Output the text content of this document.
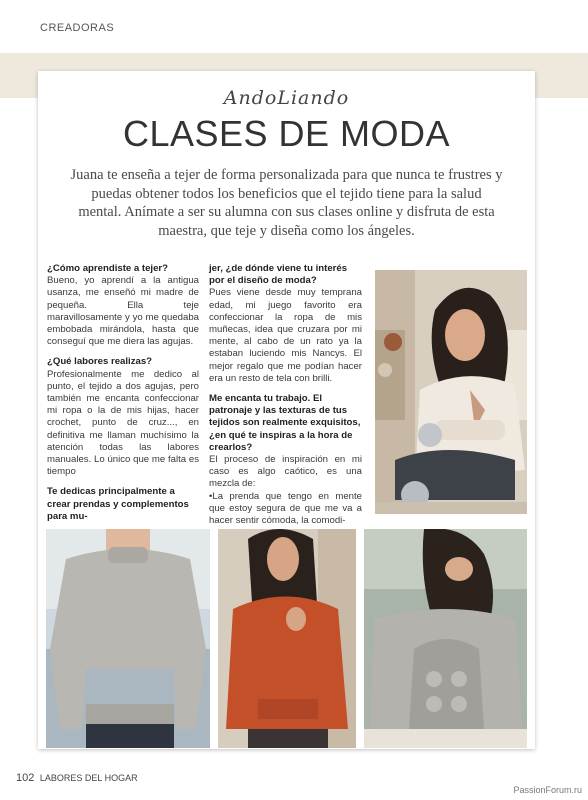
CREADORAS
AndoLiando
CLASES DE MODA
Juana te enseña a tejer de forma personalizada para que nunca te frustres y puedas obtener todos los beneficios que el tejido tiene para la salud mental. Anímate a ser su alumna con sus clases online y disfruta de esta maestra, que teje y diseña como los ángeles.

¿Cómo aprendiste a tejer?

Bueno, yo aprendí a la antigua usanza, me enseñó mi madre de pequeña. Ella teje maravillosamente y yo me quedaba embobada mirándola, hasta que conseguí que me diera las agujas.

¿Qué labores realizas?

Profesionalmente me dedico al punto, el tejido a dos agujas, pero también me encanta confeccionar mi ropa o la de mis hijas, hacer crochet, punto de cruz..., en definitiva me llaman muchísimo la atención todas las labores manuales. Lo único que me falta es tiempo

Te dedicas principalmente a crear prendas y complementos para mu-

jer, ¿de dónde viene tu interés por el diseño de moda?

Pues viene desde muy temprana edad, mi juego favorito era confeccionar la ropa de mis muñecas, idea que cruzara por mi mente, al cabo de un rato ya la estaban luciendo mis Nancys. El mejor regalo que me podían hacer era un resto de tela con brilli.

Me encanta tu trabajo. El patronaje y las texturas de tus tejidos son realmente exquisitos, ¿en qué te inspiras a la hora de crearlos?

El proceso de inspiración en mi caso es algo caótico, es una mezcla de:

•La prenda que tengo en mente que estoy segura de que me va a hacer sentir cómoda, la comodi-

102 LABORES DEL HOGAR
PassionForum.ru
